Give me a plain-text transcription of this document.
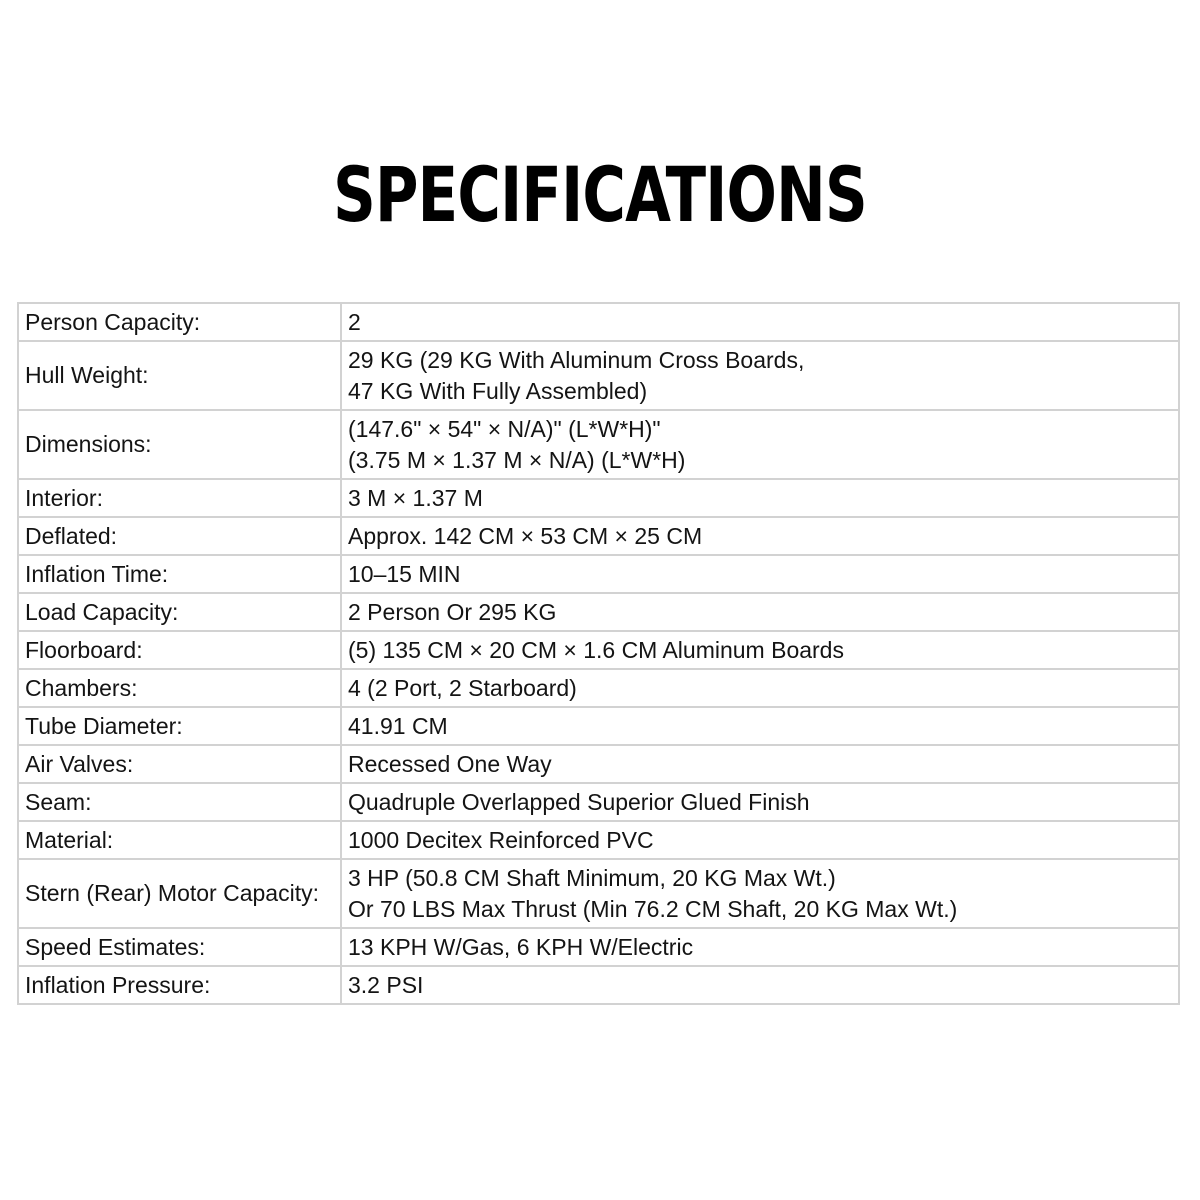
SPECIFICATIONS
Person Capacity:	2

Hull Weight:	29 KG (29 KG With Aluminum Cross Boards,
47 KG With Fully Assembled)

Dimensions:	(147.6" × 54" × N/A)" (L*W*H)"
(3.75 M × 1.37 M × N/A) (L*W*H)

Interior:	3 M × 1.37 M

Deflated:	Approx. 142 CM × 53 CM × 25 CM

Inflation Time:	10–15 MIN

Load Capacity:	2 Person Or 295 KG

Floorboard:	(5) 135 CM × 20 CM × 1.6 CM Aluminum Boards

Chambers:	4 (2 Port, 2 Starboard)

Tube Diameter:	41.91 CM

Air Valves:	Recessed One Way

Seam:	Quadruple Overlapped Superior Glued Finish

Material:	1000 Decitex Reinforced PVC

Stern (Rear) Motor Capacity:	3 HP (50.8 CM Shaft Minimum, 20 KG Max Wt.)
Or 70 LBS Max Thrust (Min 76.2 CM Shaft, 20 KG Max Wt.)

Speed Estimates:	13 KPH W/Gas, 6 KPH W/Electric

Inflation Pressure:	3.2 PSI
